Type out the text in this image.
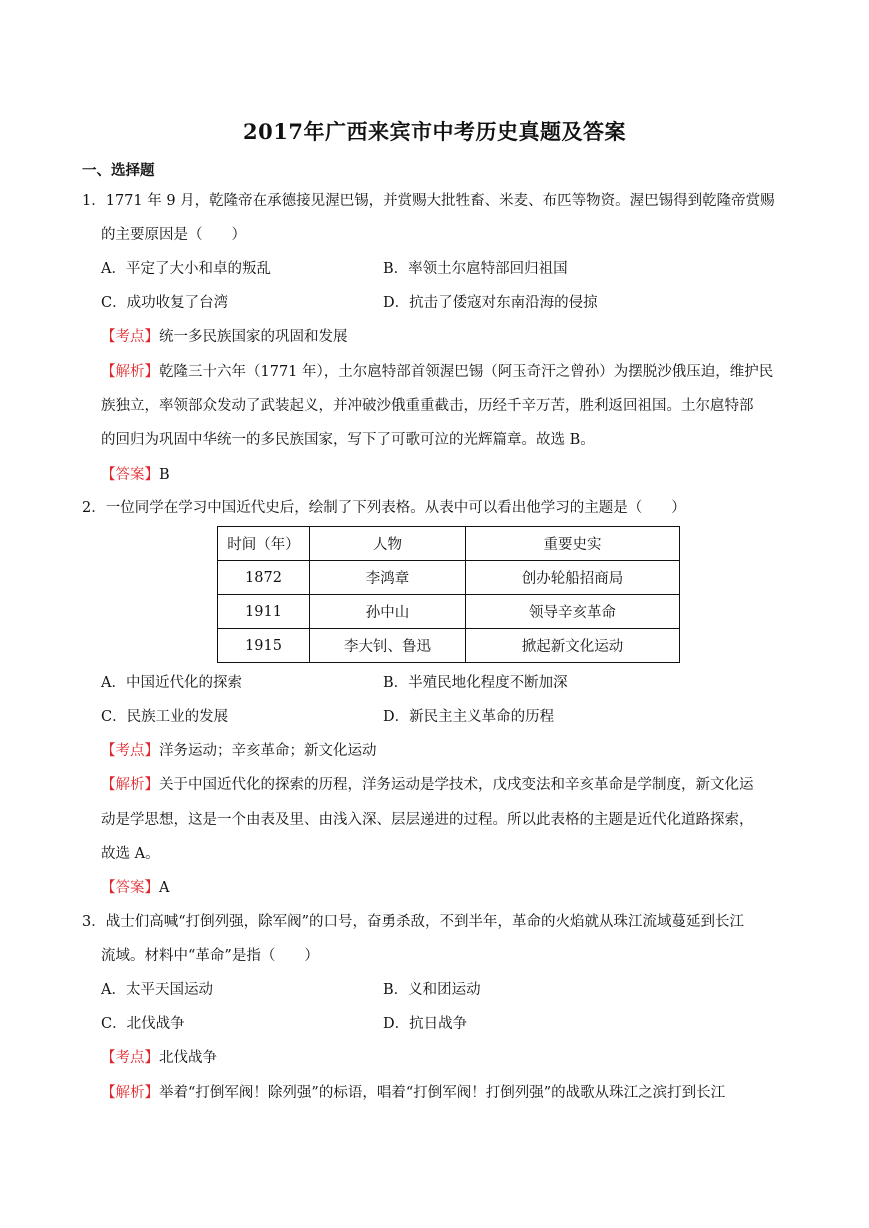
2017年广西来宾市中考历史真题及答案
一、选择题
1．1771 年 9 月，乾隆帝在承德接见渥巴锡，并赏赐大批牲畜、米麦、布匹等物资。渥巴锡得到乾隆帝赏赐
的主要原因是（　　）
A．平定了大小和卓的叛乱	B．率领土尔扈特部回归祖国
C．成功收复了台湾	D．抗击了倭寇对东南沿海的侵掠
【考点】统一多民族国家的巩固和发展
【解析】乾隆三十六年（1771 年），土尔扈特部首领渥巴锡（阿玉奇汗之曾孙）为摆脱沙俄压迫，维护民
族独立，率领部众发动了武装起义，并冲破沙俄重重截击，历经千辛万苦，胜利返回祖国。土尔扈特部
的回归为巩固中华统一的多民族国家，写下了可歌可泣的光辉篇章。故选 B。
【答案】B
2．一位同学在学习中国近代史后，绘制了下列表格。从表中可以看出他学习的主题是（　　）
时间（年）	人物	重要史实
1872	李鸿章	创办轮船招商局
1911	孙中山	领导辛亥革命
1915	李大钊、鲁迅	掀起新文化运动
A．中国近代化的探索	B．半殖民地化程度不断加深
C．民族工业的发展	D．新民主主义革命的历程
【考点】洋务运动；辛亥革命；新文化运动
【解析】关于中国近代化的探索的历程，洋务运动是学技术，戊戌变法和辛亥革命是学制度，新文化运
动是学思想，这是一个由表及里、由浅入深、层层递进的过程。所以此表格的主题是近代化道路探索，
故选 A。
【答案】A
3．战士们高喊“打倒列强，除军阀”的口号，奋勇杀敌，不到半年，革命的火焰就从珠江流域蔓延到长江
流域。材料中“革命”是指（　　）
A．太平天国运动	B．义和团运动
C．北伐战争	D．抗日战争
【考点】北伐战争
【解析】举着“打倒军阀！除列强”的标语，唱着“打倒军阀！打倒列强”的战歌从珠江之滨打到长江
